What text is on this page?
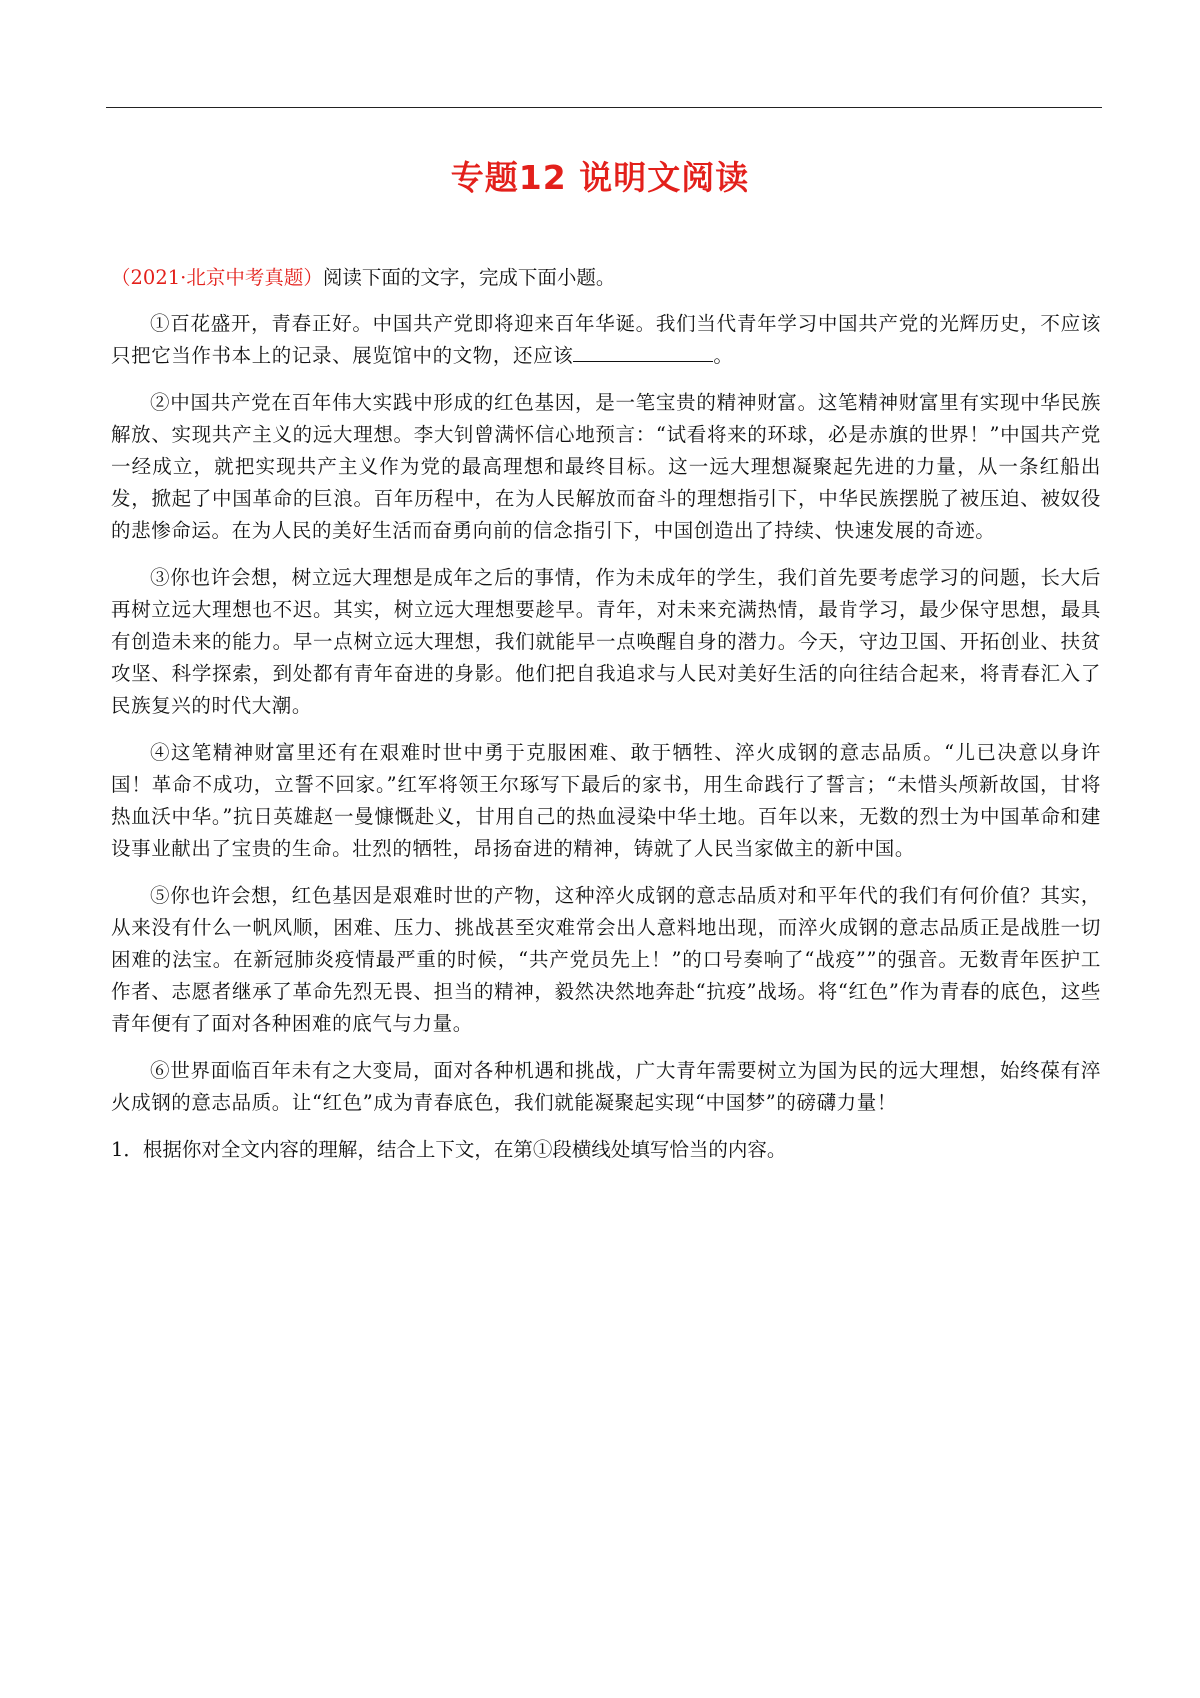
专题12 说明文阅读

（2021·北京中考真题）阅读下面的文字，完成下面小题。

①百花盛开，青春正好。中国共产党即将迎来百年华诞。我们当代青年学习中国共产党的光辉历史，不应该只把它当作书本上的记录、展览馆中的文物，还应该	。

②中国共产党在百年伟大实践中形成的红色基因，是一笔宝贵的精神财富。这笔精神财富里有实现中华民族解放、实现共产主义的远大理想。李大钊曾满怀信心地预言：“试看将来的环球，必是赤旗的世界！”中国共产党一经成立，就把实现共产主义作为党的最高理想和最终目标。这一远大理想凝聚起先进的力量，从一条红船出发，掀起了中国革命的巨浪。百年历程中，在为人民解放而奋斗的理想指引下，中华民族摆脱了被压迫、被奴役的悲惨命运。在为人民的美好生活而奋勇向前的信念指引下，中国创造出了持续、快速发展的奇迹。

③你也许会想，树立远大理想是成年之后的事情，作为未成年的学生，我们首先要考虑学习的问题，长大后再树立远大理想也不迟。其实，树立远大理想要趁早。青年，对未来充满热情，最肯学习，最少保守思想，最具有创造未来的能力。早一点树立远大理想，我们就能早一点唤醒自身的潜力。今天，守边卫国、开拓创业、扶贫攻坚、科学探索，到处都有青年奋进的身影。他们把自我追求与人民对美好生活的向往结合起来，将青春汇入了民族复兴的时代大潮。

④这笔精神财富里还有在艰难时世中勇于克服困难、敢于牺牲、淬火成钢的意志品质。“儿已决意以身许国！革命不成功，立誓不回家。”红军将领王尔琢写下最后的家书，用生命践行了誓言；“未惜头颅新故国，甘将热血沃中华。”抗日英雄赵一曼慷慨赴义，甘用自己的热血浸染中华土地。百年以来，无数的烈士为中国革命和建设事业献出了宝贵的生命。壮烈的牺牲，昂扬奋进的精神，铸就了人民当家做主的新中国。

⑤你也许会想，红色基因是艰难时世的产物，这种淬火成钢的意志品质对和平年代的我们有何价值？其实，从来没有什么一帆风顺，困难、压力、挑战甚至灾难常会出人意料地出现，而淬火成钢的意志品质正是战胜一切困难的法宝。在新冠肺炎疫情最严重的时候，“共产党员先上！”的口号奏响了“战疫””的强音。无数青年医护工作者、志愿者继承了革命先烈无畏、担当的精神，毅然决然地奔赴“抗疫”战场。将“红色”作为青春的底色，这些青年便有了面对各种困难的底气与力量。

⑥世界面临百年未有之大变局，面对各种机遇和挑战，广大青年需要树立为国为民的远大理想，始终葆有淬火成钢的意志品质。让“红色”成为青春底色，我们就能凝聚起实现“中国梦”的磅礴力量！

1．根据你对全文内容的理解，结合上下文，在第①段横线处填写恰当的内容。
